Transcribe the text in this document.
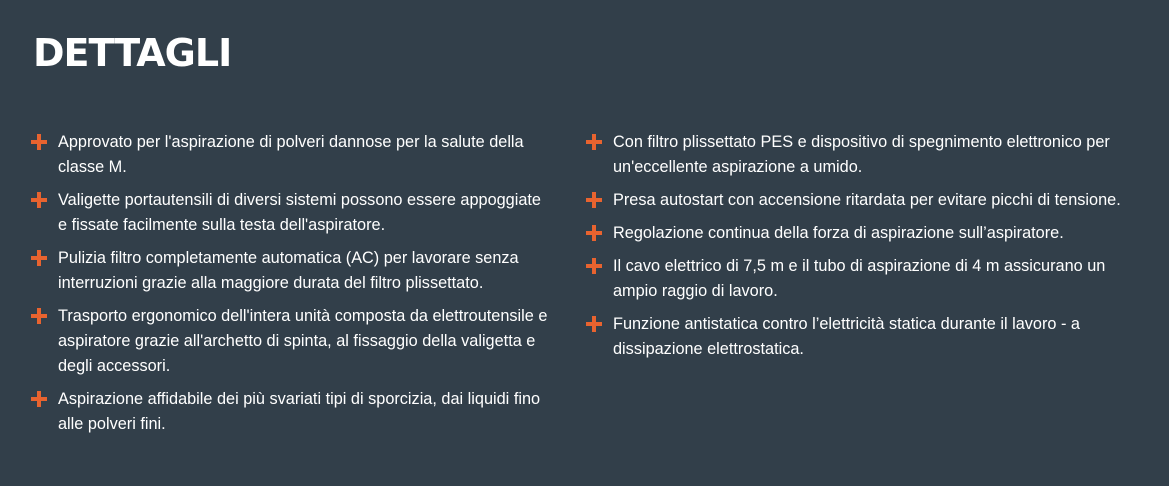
DETTAGLI
Approvato per l'aspirazione di polveri dannose per la salute della classe M.
Valigette portautensili di diversi sistemi possono essere appoggiate e fissate facilmente sulla testa dell'aspiratore.
Pulizia filtro completamente automatica (AC) per lavorare senza interruzioni grazie alla maggiore durata del filtro plissettato.
Trasporto ergonomico dell'intera unità composta da elettroutensile e aspiratore grazie all'archetto di spinta, al fissaggio della valigetta e degli accessori.
Aspirazione affidabile dei più svariati tipi di sporcizia, dai liquidi fino alle polveri fini.
Con filtro plissettato PES e dispositivo di spegnimento elettronico per un'eccellente aspirazione a umido.
Presa autostart con accensione ritardata per evitare picchi di tensione.
Regolazione continua della forza di aspirazione sull’aspiratore.
Il cavo elettrico di 7,5 m e il tubo di aspirazione di 4 m assicurano un ampio raggio di lavoro.
Funzione antistatica contro l’elettricità statica durante il lavoro - a dissipazione elettrostatica.
